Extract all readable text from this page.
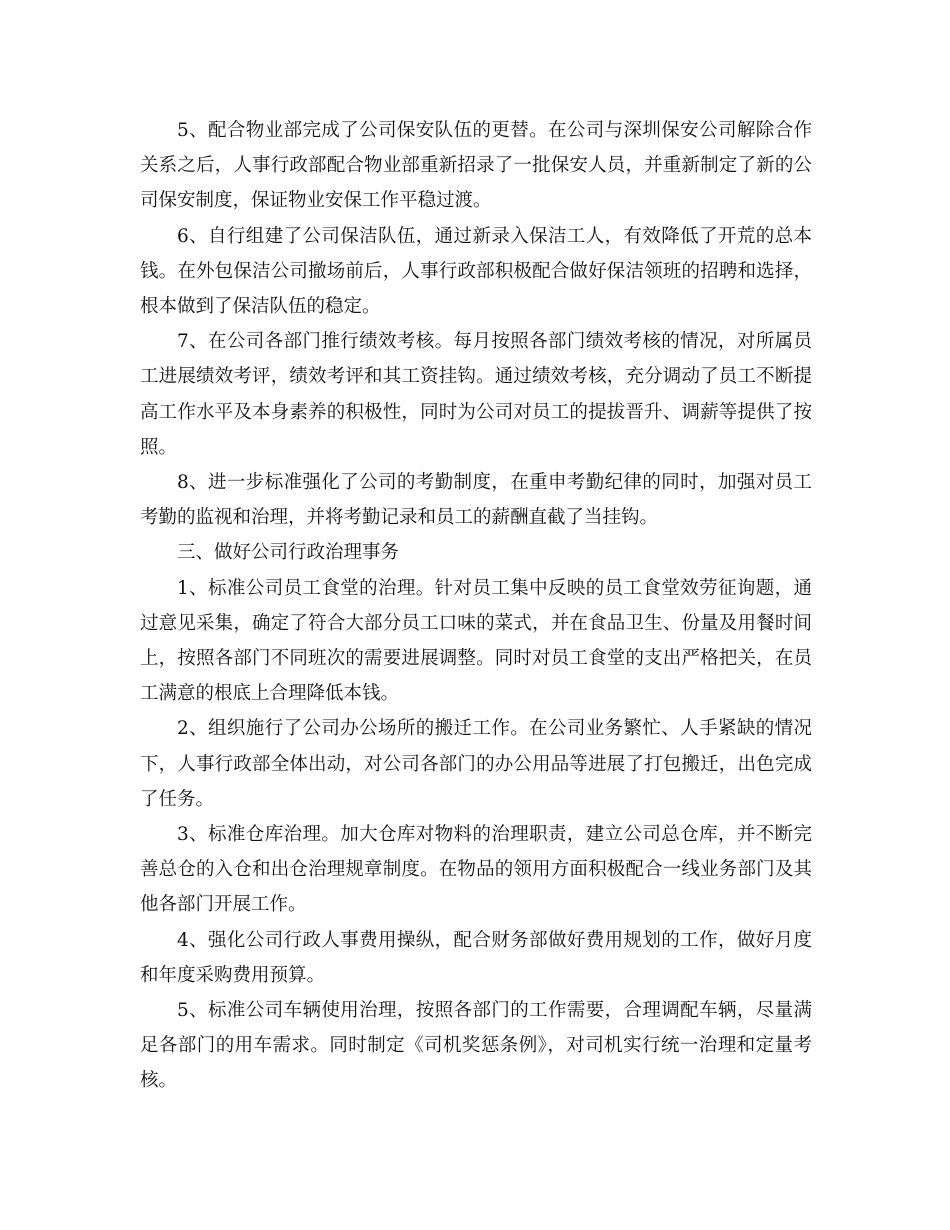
5、配合物业部完成了公司保安队伍的更替。在公司与深圳保安公司解除合作关系之后，人事行政部配合物业部重新招录了一批保安人员，并重新制定了新的公司保安制度，保证物业安保工作平稳过渡。

6、自行组建了公司保洁队伍，通过新录入保洁工人，有效降低了开荒的总本钱。在外包保洁公司撤场前后，人事行政部积极配合做好保洁领班的招聘和选择，根本做到了保洁队伍的稳定。

7、在公司各部门推行绩效考核。每月按照各部门绩效考核的情况，对所属员工进展绩效考评，绩效考评和其工资挂钩。通过绩效考核，充分调动了员工不断提高工作水平及本身素养的积极性，同时为公司对员工的提拔晋升、调薪等提供了按照。

8、进一步标准强化了公司的考勤制度，在重申考勤纪律的同时，加强对员工考勤的监视和治理，并将考勤记录和员工的薪酬直截了当挂钩。

三、做好公司行政治理事务

1、标准公司员工食堂的治理。针对员工集中反映的员工食堂效劳征询题，通过意见采集，确定了符合大部分员工口味的菜式，并在食品卫生、份量及用餐时间上，按照各部门不同班次的需要进展调整。同时对员工食堂的支出严格把关，在员工满意的根底上合理降低本钱。

2、组织施行了公司办公场所的搬迁工作。在公司业务繁忙、人手紧缺的情况下，人事行政部全体出动，对公司各部门的办公用品等进展了打包搬迁，出色完成了任务。

3、标准仓库治理。加大仓库对物料的治理职责，建立公司总仓库，并不断完善总仓的入仓和出仓治理规章制度。在物品的领用方面积极配合一线业务部门及其他各部门开展工作。

4、强化公司行政人事费用操纵，配合财务部做好费用规划的工作，做好月度和年度采购费用预算。

5、标准公司车辆使用治理，按照各部门的工作需要，合理调配车辆，尽量满足各部门的用车需求。同时制定《司机奖惩条例》，对司机实行统一治理和定量考核。
